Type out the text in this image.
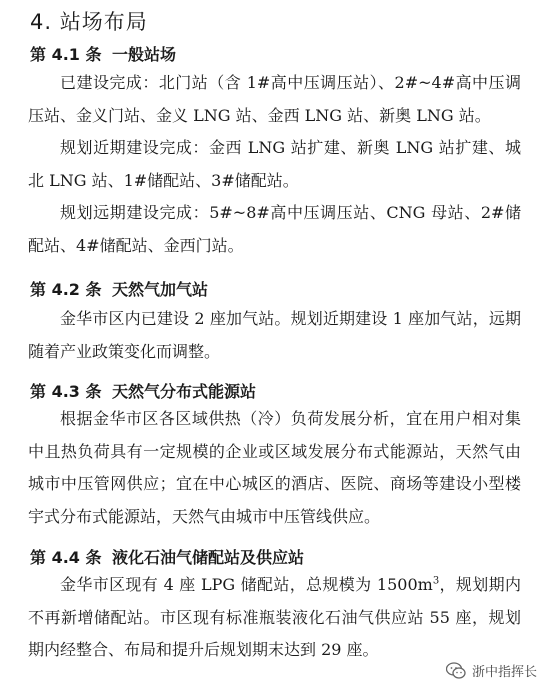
4. 站场布局
第 4.1 条 一般站场

已建设完成：北门站（含 1#高中压调压站）、2#~4#高中压调压站、金义门站、金义 LNG 站、金西 LNG 站、新奥 LNG 站。

规划近期建设完成：金西 LNG 站扩建、新奥 LNG 站扩建、城北 LNG 站、1#储配站、3#储配站。

规划远期建设完成：5#~8#高中压调压站、CNG 母站、2#储配站、4#储配站、金西门站。

第 4.2 条 天然气加气站

金华市区内已建设 2 座加气站。规划近期建设 1 座加气站，远期随着产业政策变化而调整。

第 4.3 条 天然气分布式能源站

根据金华市区各区域供热（冷）负荷发展分析，宜在用户相对集中且热负荷具有一定规模的企业或区域发展分布式能源站，天然气由城市中压管网供应；宜在中心城区的酒店、医院、商场等建设小型楼宇式分布式能源站，天然气由城市中压管线供应。

第 4.4 条 液化石油气储配站及供应站

金华市区现有 4 座 LPG 储配站，总规模为 $1500m^3$，规划期内不再新增储配站。市区现有标准瓶装液化石油气供应站 55 座，规划期内经整合、布局和提升后规划期末达到 29 座。

浙中指挥长
